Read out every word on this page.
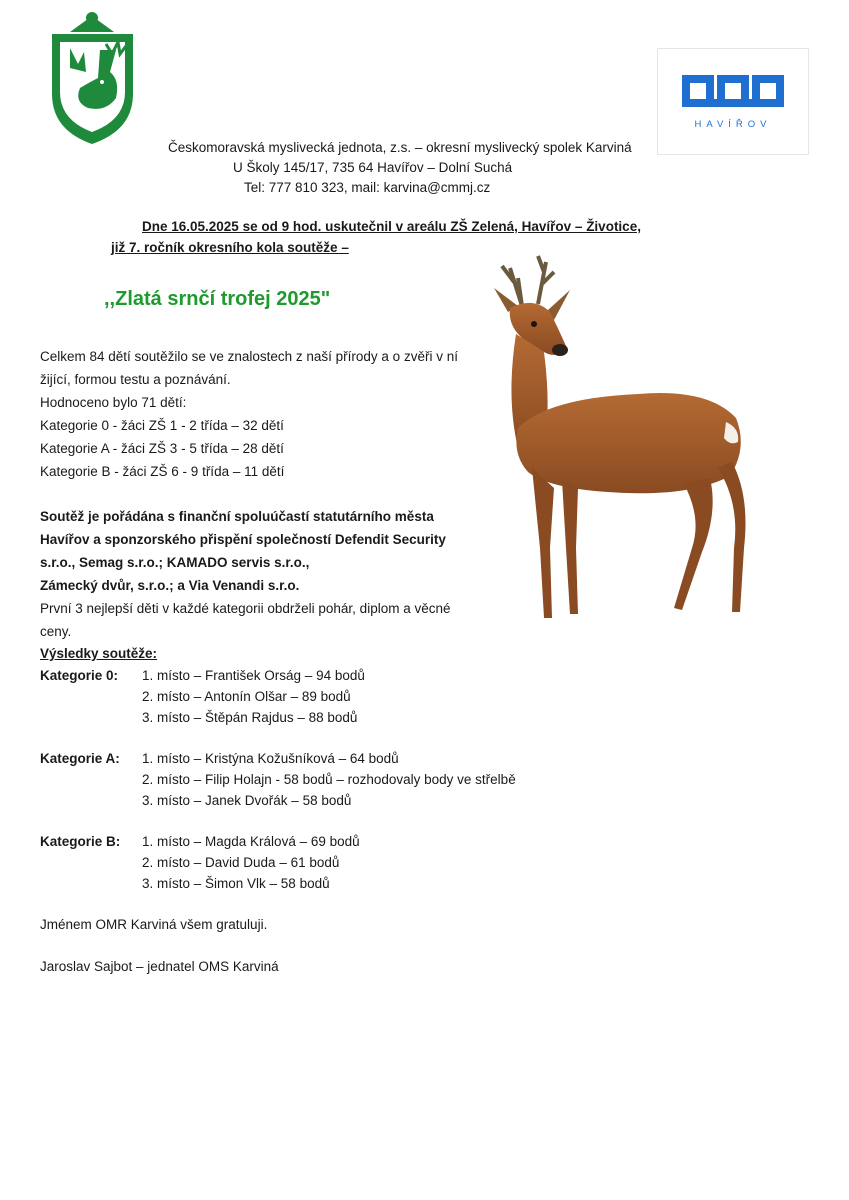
HAVÍŘOV
Českomoravská myslivecká jednota, z.s. – okresní myslivecký spolek Karviná
U Školy 145/17, 735 64 Havířov – Dolní Suchá
Tel: 777 810 323, mail: karvina@cmmj.cz
Dne 16.05.2025 se od 9 hod. uskutečnil v areálu ZŠ Zelená, Havířov – Životice,
již 7. ročník okresního kola soutěže –
,,Zlatá srnčí trofej 2025"

Celkem 84 dětí soutěžilo se ve znalostech z naší přírody a o zvěři v ní

žijící, formou testu a poznávání.

Hodnoceno bylo 71 dětí:

Kategorie 0 - žáci ZŠ 1 - 2 třída – 32 dětí

Kategorie A - žáci ZŠ 3 - 5 třída – 28 dětí

Kategorie B - žáci ZŠ 6 - 9 třída – 11 dětí

Soutěž je pořádána s finanční spoluúčastí statutárního města

Havířov a sponzorského přispění společností Defendit Security

s.r.o., Semag s.r.o.; KAMADO servis s.r.o.,

Zámecký dvůr, s.r.o.; a Via Venandi s.r.o.

První 3 nejlepší děti v každé kategorii obdrželi pohár, diplom a věcné

ceny.

Výsledky soutěže:
Kategorie 0: 1. místo – František Orság – 94 bodů
2. místo – Antonín Olšar – 89 bodů
3. místo – Štěpán Rajdus – 88 bodů
Kategorie A: 1. místo – Kristýna Kožušníková – 64 bodů
2. místo – Filip Holajn - 58 bodů – rozhodovaly body ve střelbě
3. místo – Janek Dvořák – 58 bodů
Kategorie B: 1. místo – Magda Králová – 69 bodů
2. místo – David Duda – 61 bodů
3. místo – Šimon Vlk – 58 bodů
Jménem OMR Karviná všem gratuluji.
Jaroslav Sajbot – jednatel OMS Karviná
